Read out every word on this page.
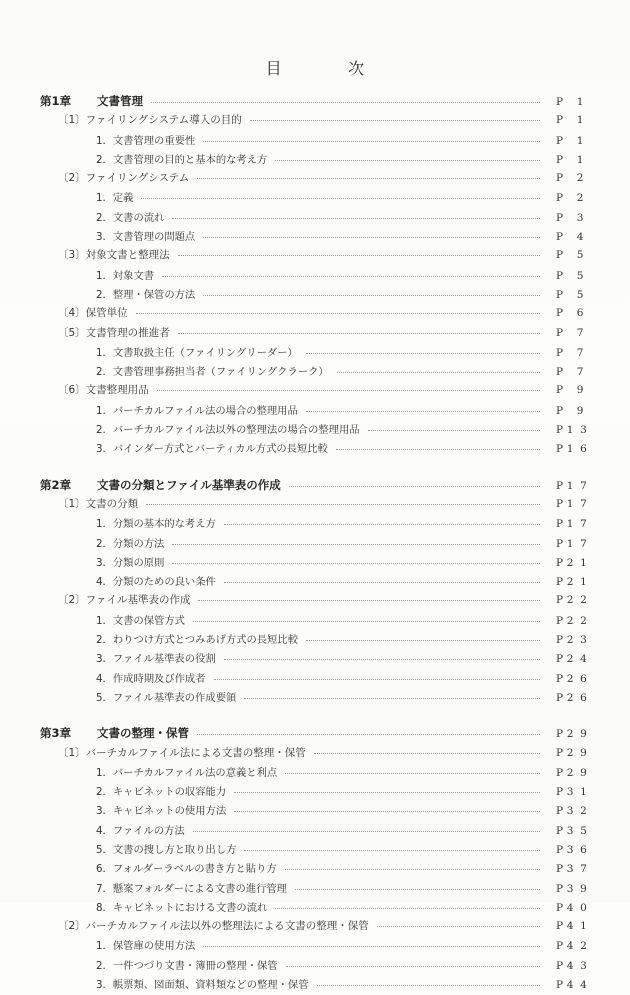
目	次
第1章 文書管理	P 1
〔1〕ファイリングシステム導入の目的	P 1
1．文書管理の重要性	P 1
2．文書管理の目的と基本的な考え方	P 1
〔2〕ファイリングシステム	P 2
1．定義	P 2
2．文書の流れ	P 3
3．文書管理の問題点	P 4
〔3〕対象文書と整理法	P 5
1．対象文書	P 5
2．整理・保管の方法	P 5
〔4〕保管単位	P 6
〔5〕文書管理の推進者	P 7
1．文書取扱主任（ファイリングリーダー）	P 7
2．文書管理事務担当者（ファイリングクラーク）	P 7
〔6〕文書整理用品	P 9
1．バーチカルファイル法の場合の整理用品	P 9
2．バーチカルファイル法以外の整理法の場合の整理用品	P 1 3
3．バインダー方式とバーティカル方式の長短比較	P 1 6
第2章 文書の分類とファイル基準表の作成	P 1 7
〔1〕文書の分類	P 1 7
1．分類の基本的な考え方	P 1 7
2．分類の方法	P 1 7
3．分類の原則	P 2 1
4．分類のための良い条件	P 2 1
〔2〕ファイル基準表の作成	P 2 2
1．文書の保管方式	P 2 2
2．わりつけ方式とつみあげ方式の長短比較	P 2 3
3．ファイル基準表の役割	P 2 4
4．作成時期及び作成者	P 2 6
5．ファイル基準表の作成要領	P 2 6
第3章 文書の整理・保管	P 2 9
〔1〕バーチカルファイル法による文書の整理・保管	P 2 9
1．バーチカルファイル法の意義と利点	P 2 9
2．キャビネットの収容能力	P 3 1
3．キャビネットの使用方法	P 3 2
4．ファイルの方法	P 3 5
5．文書の捜し方と取り出し方	P 3 6
6．フォルダーラベルの書き方と貼り方	P 3 7
7．懸案フォルダーによる文書の進行管理	P 3 9
8．キャビネットにおける文書の流れ	P 4 0
〔2〕バーチカルファイル法以外の整理法による文書の整理・保管	P 4 1
1．保管庫の使用方法	P 4 2
2．一件つづり文書・簿冊の整理・保管	P 4 3
3．帳票類、図面類、資料類などの整理・保管	P 4 4
